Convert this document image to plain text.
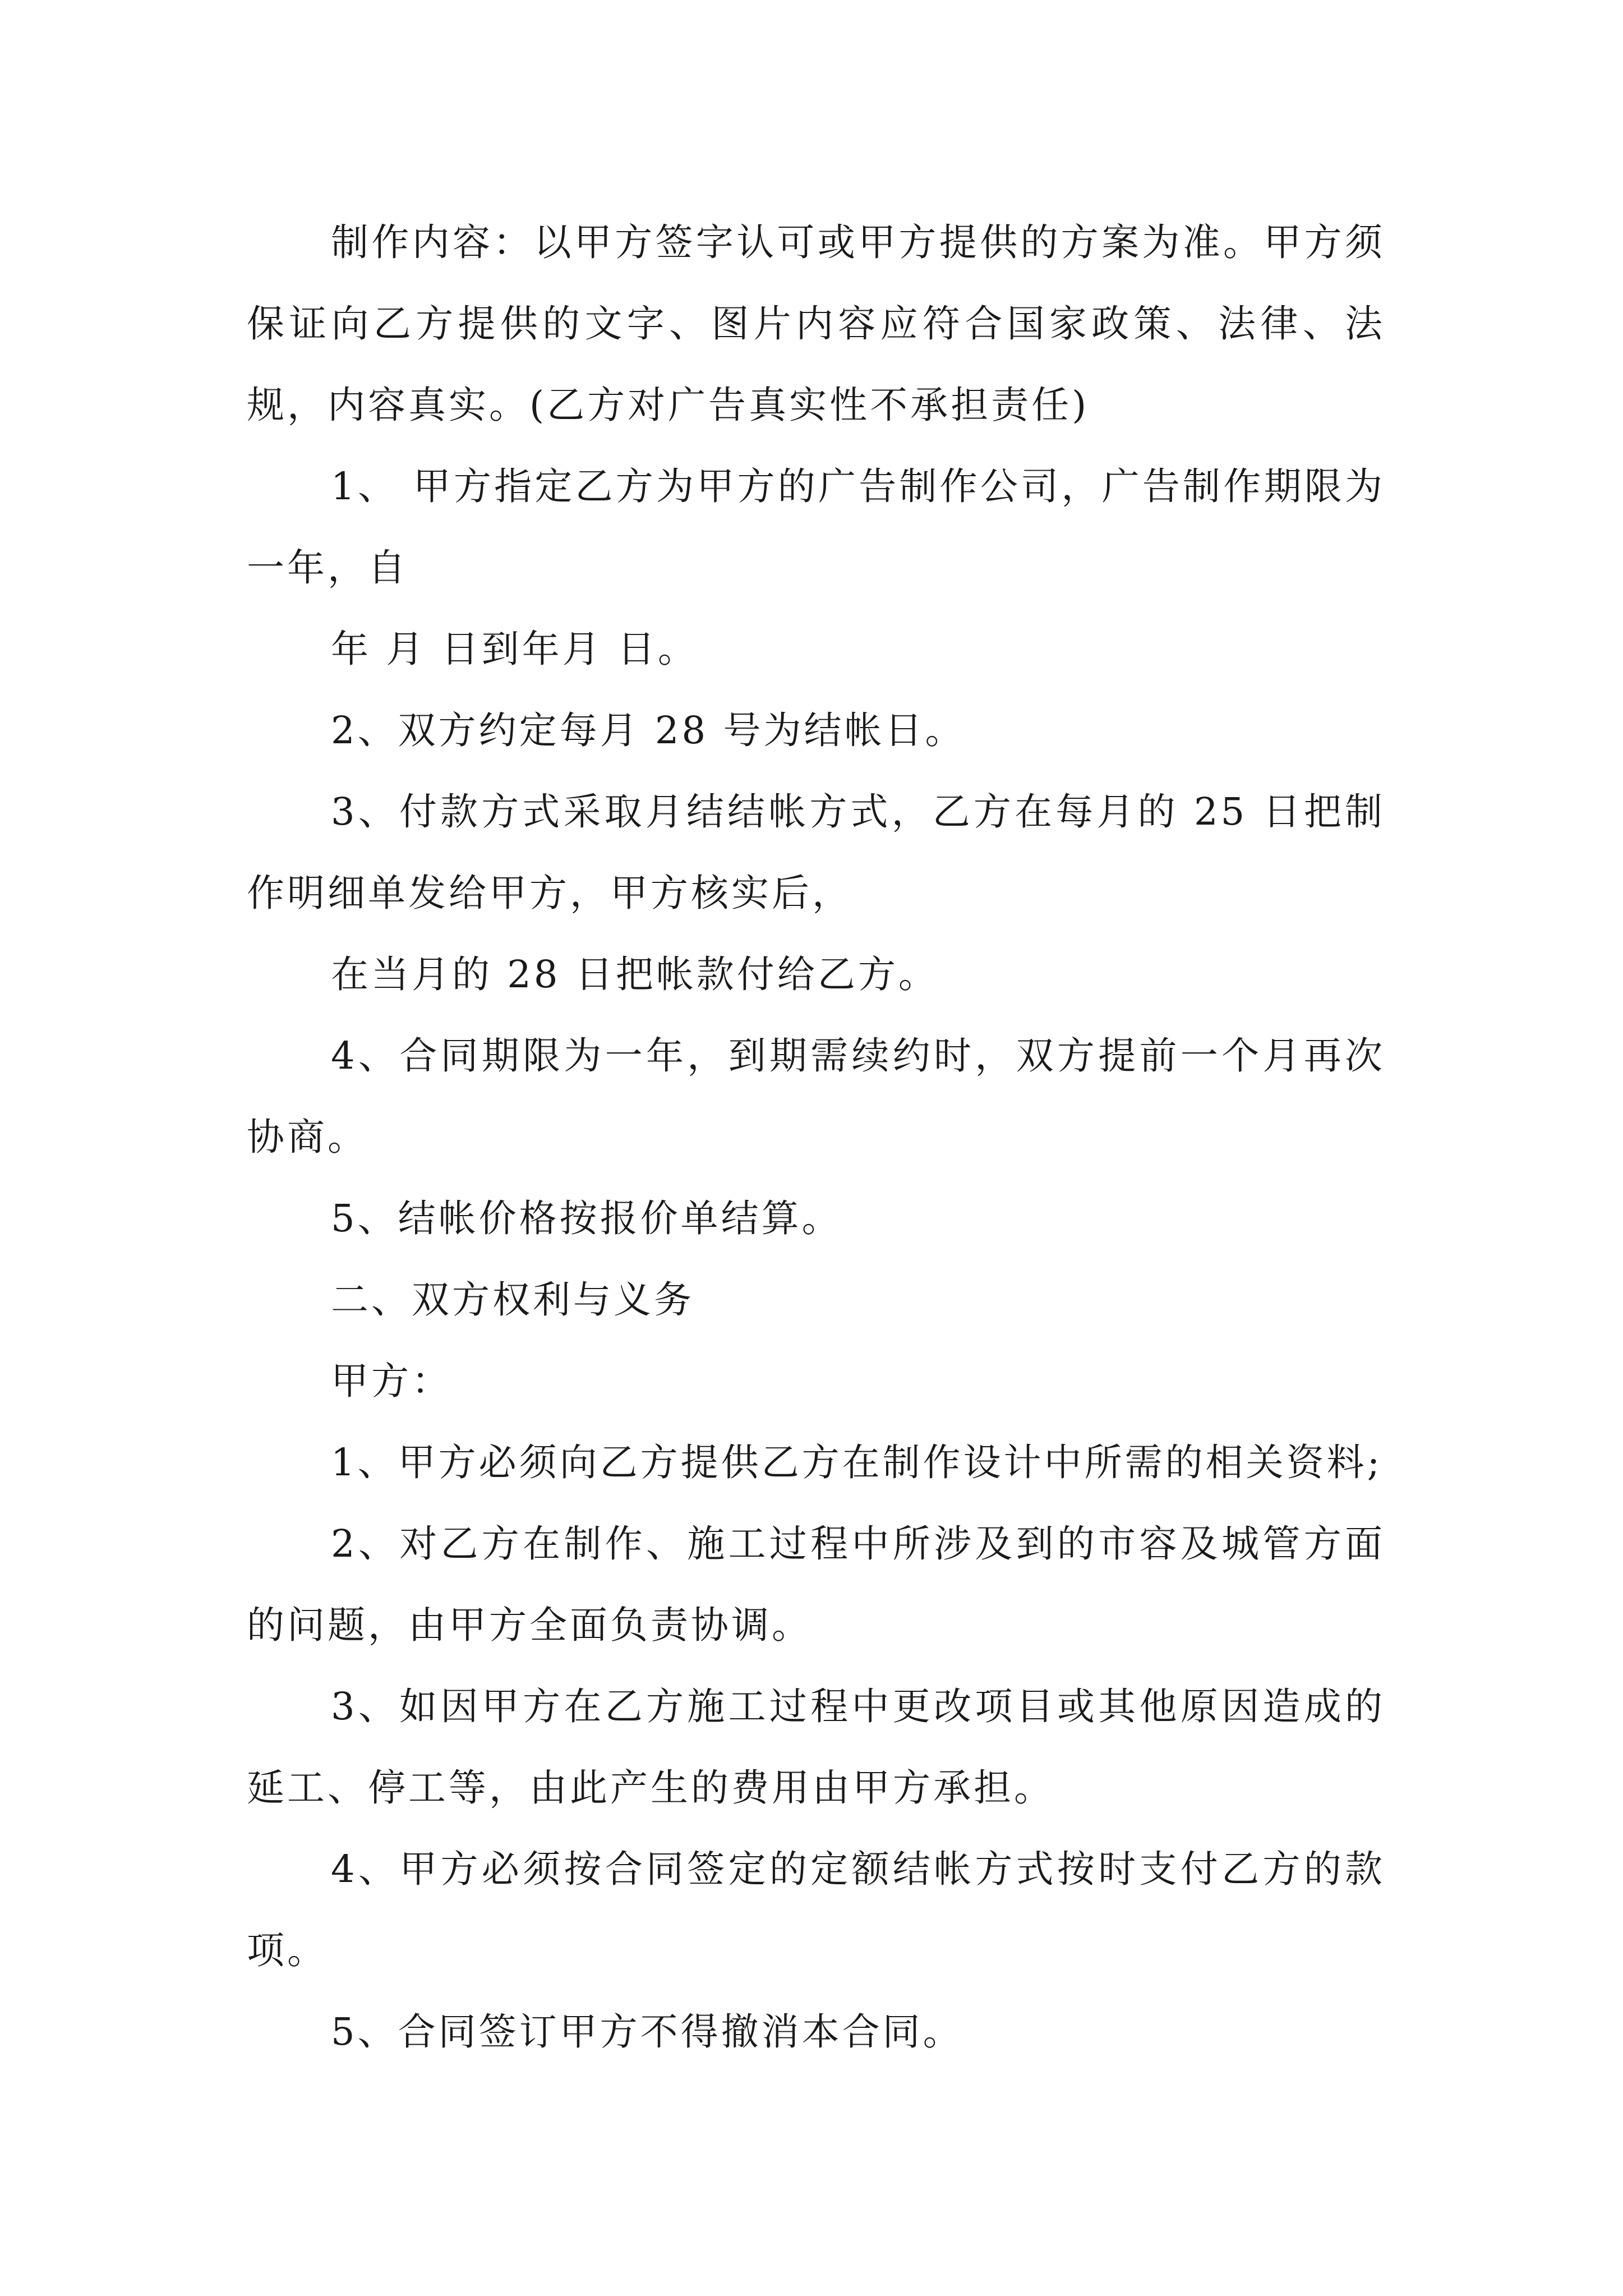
制作内容：以甲方签字认可或甲方提供的方案为准。甲方须保证向乙方提供的文字、图片内容应符合国家政策、法律、法规，内容真实。(乙方对广告真实性不承担责任)

1、 甲方指定乙方为甲方的广告制作公司，广告制作期限为一年，自

年 月 日到年月 日。

2、双方约定每月 28 号为结帐日。

3、付款方式采取月结结帐方式，乙方在每月的 25 日把制作明细单发给甲方，甲方核实后，

在当月的 28 日把帐款付给乙方。

4、合同期限为一年，到期需续约时，双方提前一个月再次协商。

5、结帐价格按报价单结算。

二、双方权利与义务

甲方：

1、甲方必须向乙方提供乙方在制作设计中所需的相关资料;

2、对乙方在制作、施工过程中所涉及到的市容及城管方面的问题，由甲方全面负责协调。

3、如因甲方在乙方施工过程中更改项目或其他原因造成的延工、停工等，由此产生的费用由甲方承担。

4、甲方必须按合同签定的定额结帐方式按时支付乙方的款项。

5、合同签订甲方不得撤消本合同。
